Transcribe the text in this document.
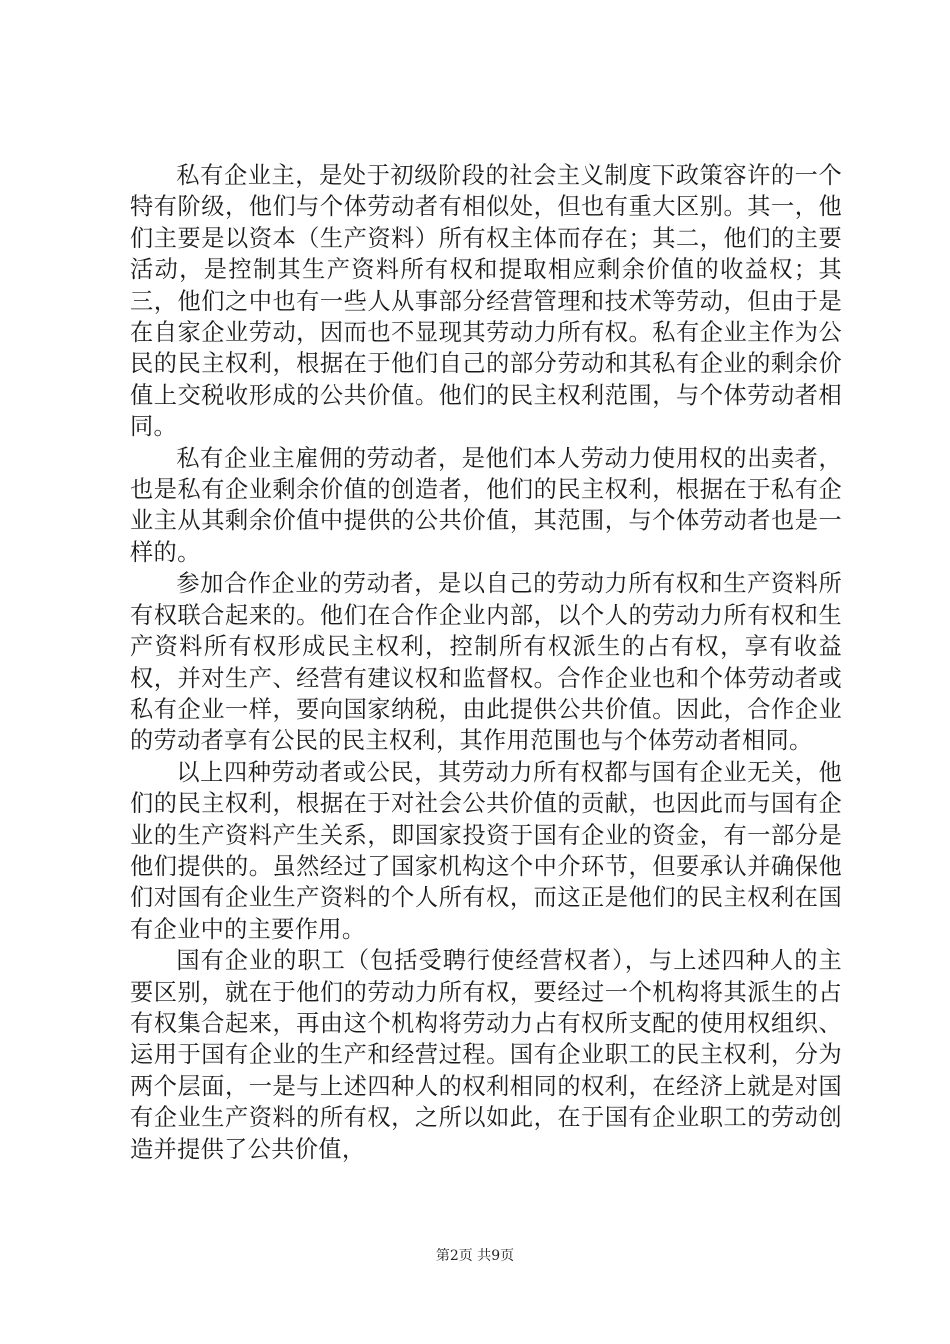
私有企业主，是处于初级阶段的社会主义制度下政策容许的一个特有阶级，他们与个体劳动者有相似处，但也有重大区别。其一，他们主要是以资本（生产资料）所有权主体而存在；其二，他们的主要活动，是控制其生产资料所有权和提取相应剩余价值的收益权；其三，他们之中也有一些人从事部分经营管理和技术等劳动，但由于是在自家企业劳动，因而也不显现其劳动力所有权。私有企业主作为公民的民主权利，根据在于他们自己的部分劳动和其私有企业的剩余价值上交税收形成的公共价值。他们的民主权利范围，与个体劳动者相同。

私有企业主雇佣的劳动者，是他们本人劳动力使用权的出卖者，也是私有企业剩余价值的创造者，他们的民主权利，根据在于私有企业主从其剩余价值中提供的公共价值，其范围，与个体劳动者也是一样的。

参加合作企业的劳动者，是以自己的劳动力所有权和生产资料所有权联合起来的。他们在合作企业内部，以个人的劳动力所有权和生产资料所有权形成民主权利，控制所有权派生的占有权，享有收益权，并对生产、经营有建议权和监督权。合作企业也和个体劳动者或私有企业一样，要向国家纳税，由此提供公共价值。因此，合作企业的劳动者享有公民的民主权利，其作用范围也与个体劳动者相同。

以上四种劳动者或公民，其劳动力所有权都与国有企业无关，他们的民主权利，根据在于对社会公共价值的贡献，也因此而与国有企业的生产资料产生关系，即国家投资于国有企业的资金，有一部分是他们提供的。虽然经过了国家机构这个中介环节，但要承认并确保他们对国有企业生产资料的个人所有权，而这正是他们的民主权利在国有企业中的主要作用。

国有企业的职工（包括受聘行使经营权者），与上述四种人的主要区别，就在于他们的劳动力所有权，要经过一个机构将其派生的占有权集合起来，再由这个机构将劳动力占有权所支配的使用权组织、运用于国有企业的生产和经营过程。国有企业职工的民主权利，分为两个层面，一是与上述四种人的权利相同的权利，在经济上就是对国有企业生产资料的所有权，之所以如此，在于国有企业职工的劳动创造并提供了公共价值，

第2页 共9页
